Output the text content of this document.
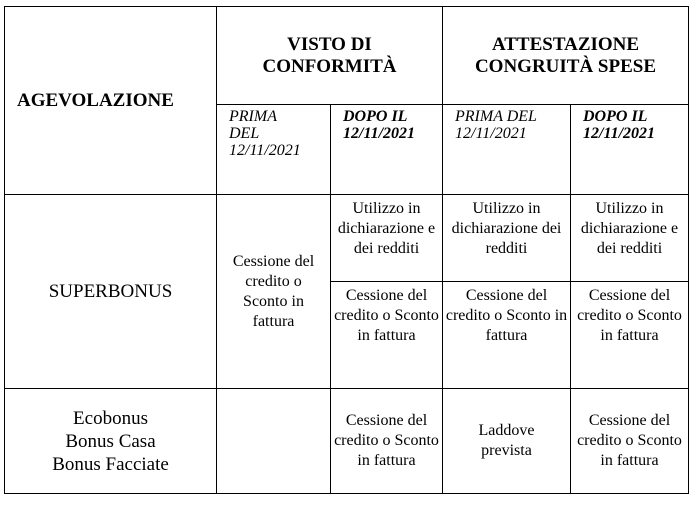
AGEVOLAZIONE	VISTO DI CONFORMITÀ		ATTESTAZIONE CONGRUITÀ SPESE	

	PRIMA DEL 12/11/2021	DOPO IL 12/11/2021	PRIMA DEL 12/11/2021	DOPO IL 12/11/2021
SUPERBONUS	Cessione del credito o Sconto in fattura	Utilizzo in dichiarazione e dei redditi	Utilizzo in dichiarazione dei redditi	Utilizzo in dichiarazione e dei redditi
		Cessione del credito o Sconto in fattura	Cessione del credito o Sconto in fattura	Cessione del credito o Sconto in fattura

Ecobonus
Bonus Casa
Bonus Facciate		Cessione del credito o Sconto in fattura	Laddove prevista	Cessione del credito o Sconto in fattura
